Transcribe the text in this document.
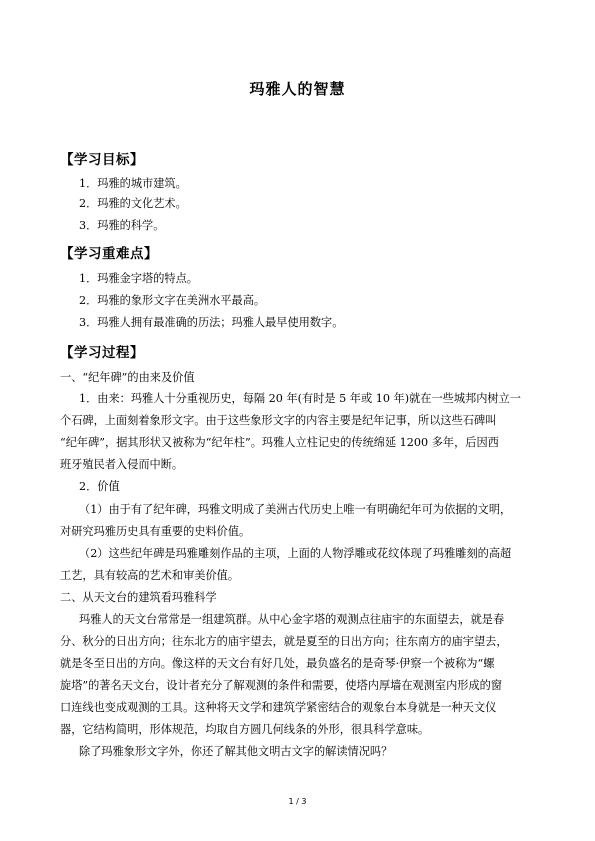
玛雅人的智慧
【学习目标】
1．玛雅的城市建筑。
2．玛雅的文化艺术。
3．玛雅的科学。
【学习重难点】
1．玛雅金字塔的特点。
2．玛雅的象形文字在美洲水平最高。
3．玛雅人拥有最准确的历法；玛雅人最早使用数字。
【学习过程】
一、“纪年碑”的由来及价值
1．由来：玛雅人十分重视历史，每隔 20 年(有时是 5 年或 10 年)就在一些城邦内树立一
个石碑，上面刻着象形文字。由于这些象形文字的内容主要是纪年记事，所以这些石碑叫
“纪年碑”，据其形状又被称为“纪年柱”。玛雅人立柱记史的传统绵延 1200 多年，后因西
班牙殖民者入侵而中断。
2．价值
（1）由于有了纪年碑，玛雅文明成了美洲古代历史上唯一有明确纪年可为依据的文明，
对研究玛雅历史具有重要的史料价值。
（2）这些纪年碑是玛雅雕刻作品的主项，上面的人物浮雕或花纹体现了玛雅雕刻的高超
工艺，具有较高的艺术和审美价值。
二、从天文台的建筑看玛雅科学
玛雅人的天文台常常是一组建筑群。从中心金字塔的观测点往庙宇的东面望去，就是春
分、秋分的日出方向；往东北方的庙宇望去，就是夏至的日出方向；往东南方的庙宇望去，
就是冬至日出的方向。像这样的天文台有好几处，最负盛名的是奇琴·伊察一个被称为“螺
旋塔”的著名天文台，设计者充分了解观测的条件和需要，使塔内厚墙在观测室内形成的窗
口连线也变成观测的工具。这种将天文学和建筑学紧密结合的观象台本身就是一种天文仪
器，它结构简明，形体规范，均取自方圆几何线条的外形，很具科学意味。
除了玛雅象形文字外，你还了解其他文明古文字的解读情况吗？
1 / 3
